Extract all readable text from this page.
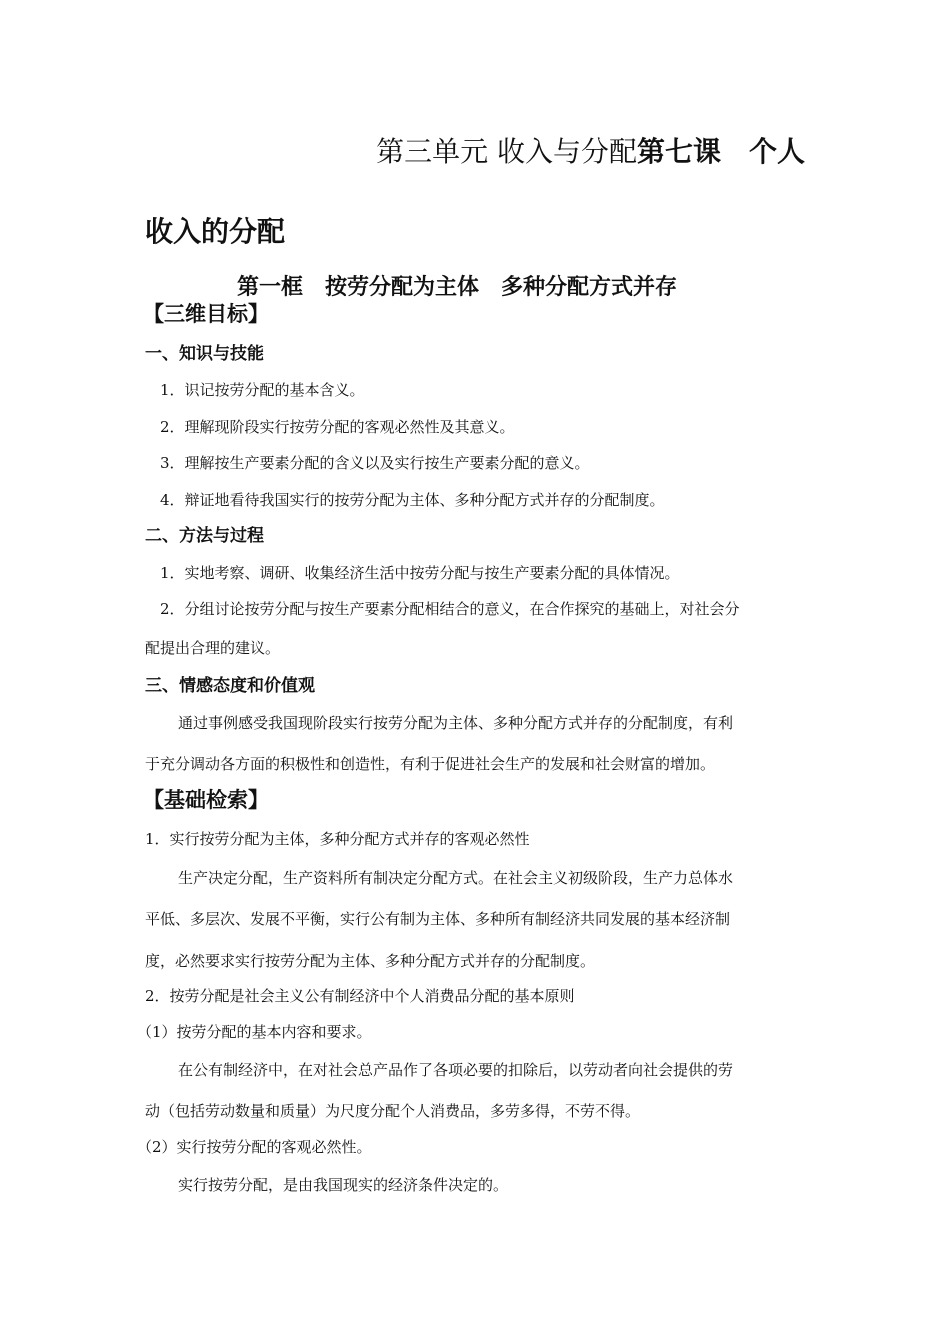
第三单元 收入与分配第七课　个人
收入的分配
第一框　按劳分配为主体　多种分配方式并存
【三维目标】
一、知识与技能
1．识记按劳分配的基本含义。
2．理解现阶段实行按劳分配的客观必然性及其意义。
3．理解按生产要素分配的含义以及实行按生产要素分配的意义。
4．辩证地看待我国实行的按劳分配为主体、多种分配方式并存的分配制度。
二、方法与过程
1．实地考察、调研、收集经济生活中按劳分配与按生产要素分配的具体情况。
2．分组讨论按劳分配与按生产要素分配相结合的意义，在合作探究的基础上，对社会分
配提出合理的建议。
三、情感态度和价值观
通过事例感受我国现阶段实行按劳分配为主体、多种分配方式并存的分配制度，有利
于充分调动各方面的积极性和创造性，有利于促进社会生产的发展和社会财富的增加。
【基础检索】
1．实行按劳分配为主体，多种分配方式并存的客观必然性
生产决定分配，生产资料所有制决定分配方式。在社会主义初级阶段，生产力总体水
平低、多层次、发展不平衡，实行公有制为主体、多种所有制经济共同发展的基本经济制
度，必然要求实行按劳分配为主体、多种分配方式并存的分配制度。
2．按劳分配是社会主义公有制经济中个人消费品分配的基本原则
（1）按劳分配的基本内容和要求。
在公有制经济中，在对社会总产品作了各项必要的扣除后，以劳动者向社会提供的劳
动（包括劳动数量和质量）为尺度分配个人消费品，多劳多得，不劳不得。
（2）实行按劳分配的客观必然性。
实行按劳分配，是由我国现实的经济条件决定的。
